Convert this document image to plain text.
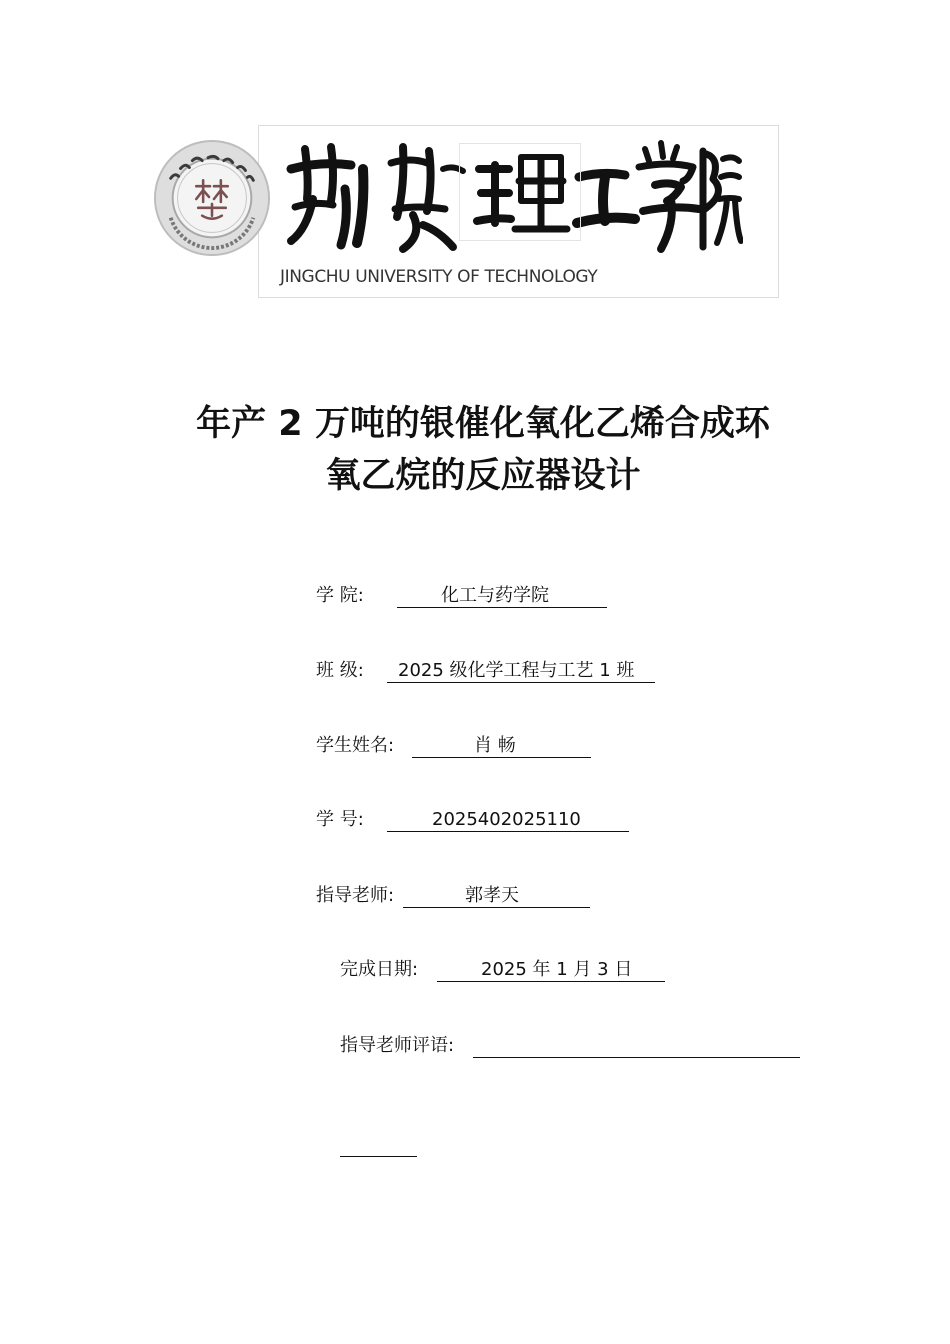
JINGCHU UNIVERSITY OF TECHNOLOGY
年产 2 万吨的银催化氧化乙烯合成环
氧乙烷的反应器设计
学 院:	化工与药学院
班 级: 2025 级化学工程与工艺 1 班
学生姓名:	肖 畅
学 号:	2025402025110
指导老师:	郭孝天
完成日期:	2025 年 1 月 3 日
指导老师评语:
